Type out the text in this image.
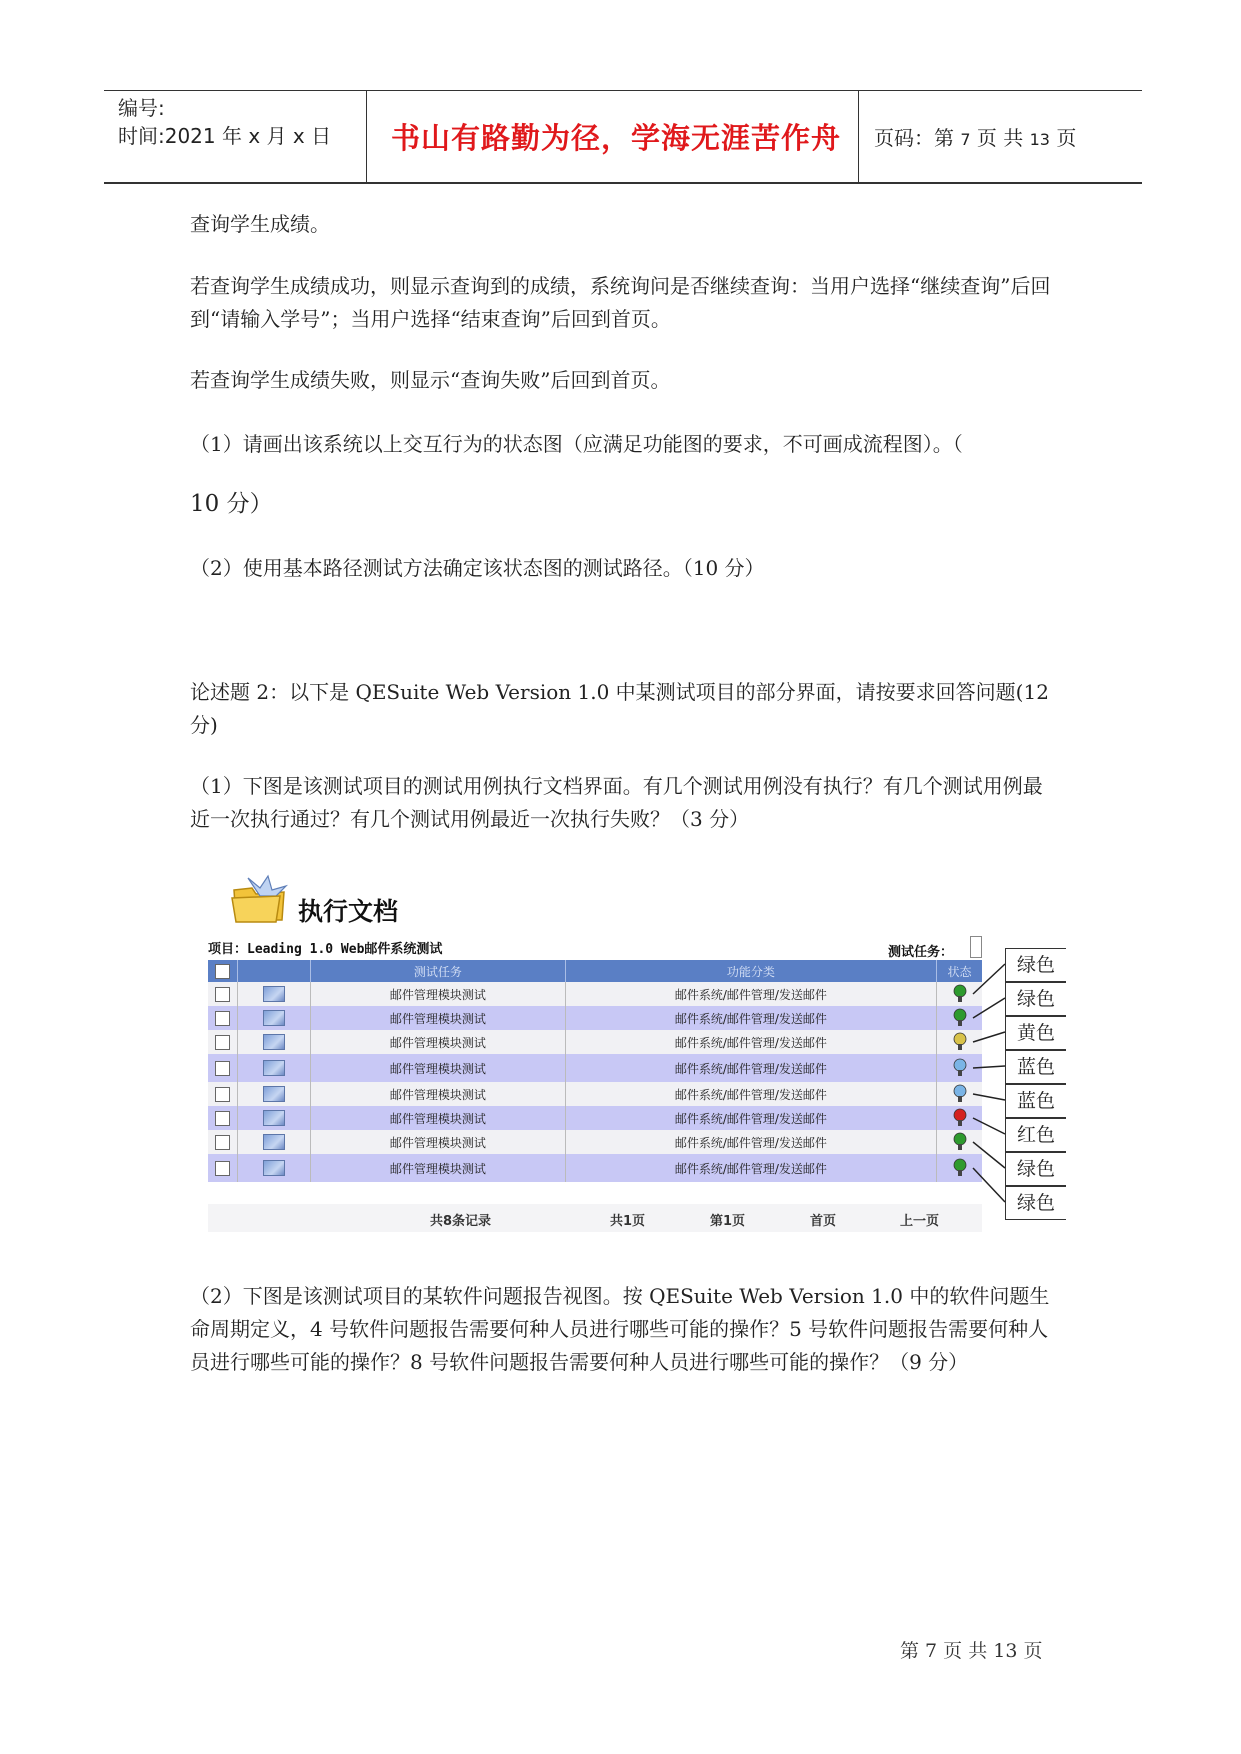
编号:
时间:2021 年 x 月 x 日	书山有路勤为径，学海无涯苦作舟	页码：第 7 页 共 13 页
查询学生成绩。
若查询学生成绩成功，则显示查询到的成绩，系统询问是否继续查询：当用户选择“继续查询”后回到“请输入学号”；当用户选择“结束查询”后回到首页。
若查询学生成绩失败，则显示“查询失败”后回到首页。
（1）请画出该系统以上交互行为的状态图（应满足功能图的要求，不可画成流程图）。（
10 分）
（2）使用基本路径测试方法确定该状态图的测试路径。（10 分）
论述题 2：以下是 QESuite Web Version 1.0 中某测试项目的部分界面，请按要求回答问题(12 分)
（1）下图是该测试项目的测试用例执行文档界面。有几个测试用例没有执行？有几个测试用例最近一次执行通过？有几个测试用例最近一次执行失败？（3 分）
执行文档
项目：Leading 1.0 Web邮件系统测试	测试任务：
		测试任务	功能分类	状态
		邮件管理模块测试	邮件系统/邮件管理/发送邮件	
		邮件管理模块测试	邮件系统/邮件管理/发送邮件	
		邮件管理模块测试	邮件系统/邮件管理/发送邮件	
		邮件管理模块测试	邮件系统/邮件管理/发送邮件	
		邮件管理模块测试	邮件系统/邮件管理/发送邮件	
		邮件管理模块测试	邮件系统/邮件管理/发送邮件	
		邮件管理模块测试	邮件系统/邮件管理/发送邮件	
		邮件管理模块测试	邮件系统/邮件管理/发送邮件	
共8条记录	共1页	第1页	首页	上一页
绿色
绿色
黄色
蓝色
蓝色
红色
绿色
绿色
（2）下图是该测试项目的某软件问题报告视图。按 QESuite Web Version 1.0 中的软件问题生命周期定义，4 号软件问题报告需要何种人员进行哪些可能的操作？5 号软件问题报告需要何种人员进行哪些可能的操作？8 号软件问题报告需要何种人员进行哪些可能的操作？（9 分）
第 7 页 共 13 页
